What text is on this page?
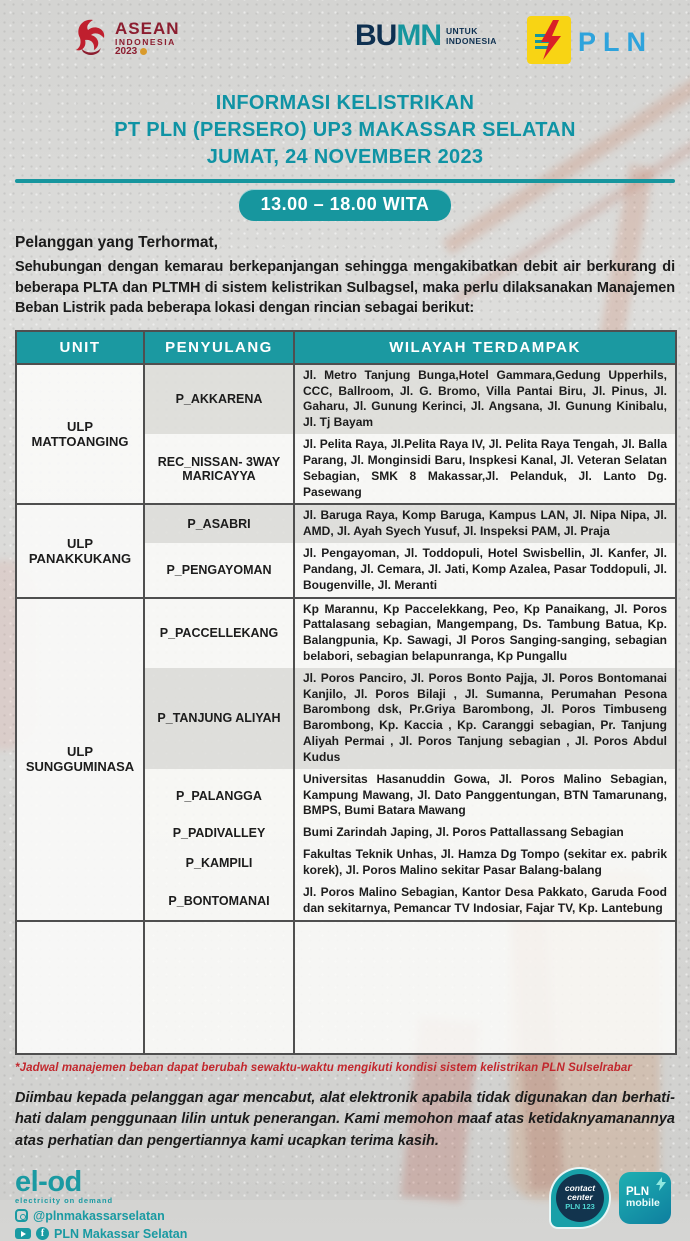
ASEAN
INDONESIA
2023	BUMN UNTUK
INDONESIA	PLN
INFORMASI KELISTRIKAN
PT PLN (PERSERO) UP3 MAKASSAR SELATAN
JUMAT, 24 NOVEMBER 2023
13.00 – 18.00 WITA
Pelanggan yang Terhormat,
Sehubungan dengan kemarau berkepanjangan sehingga mengakibatkan debit air berkurang di beberapa PLTA dan PLTMH di sistem kelistrikan Sulbagsel, maka perlu dilaksanakan Manajemen Beban Listrik pada beberapa lokasi dengan rincian sebagai berikut:
UNIT	PENYULANG	WILAYAH TERDAMPAK
ULP MATTOANGING	P_AKKARENA	Jl. Metro Tanjung Bunga,Hotel Gammara,Gedung Upperhils, CCC, Ballroom, Jl. G. Bromo, Villa Pantai Biru, Jl. Pinus, Jl. Gaharu, Jl. Gunung Kerinci, Jl. Angsana, Jl. Gunung Kinibalu, Jl. Tj Bayam
	REC_NISSAN- 3WAY MARICAYYA	Jl. Pelita Raya, Jl.Pelita Raya IV, Jl. Pelita Raya Tengah, Jl. Balla Parang, Jl. Monginsidi Baru, Inspkesi Kanal, Jl. Veteran Selatan Sebagian, SMK 8 Makassar,Jl. Pelanduk, Jl. Lanto Dg. Pasewang
ULP PANAKKUKANG	P_ASABRI	Jl. Baruga Raya, Komp Baruga, Kampus LAN, Jl. Nipa Nipa, Jl. AMD, Jl. Ayah Syech Yusuf, Jl. Inspeksi PAM, Jl. Praja
	P_PENGAYOMAN	Jl. Pengayoman, Jl. Toddopuli, Hotel Swisbellin, Jl. Kanfer, Jl. Pandang, Jl. Cemara, Jl. Jati, Komp Azalea, Pasar Toddopuli, Jl. Bougenville, Jl. Meranti
ULP SUNGGUMINASA	P_PACCELLEKANG	Kp Marannu, Kp Paccelekkang, Peo, Kp Panaikang, Jl. Poros Pattalasang sebagian, Mangempang, Ds. Tambung Batua, Kp. Balangpunia, Kp. Sawagi, Jl Poros Sanging-sanging, sebagian belabori, sebagian belapunranga, Kp Pungallu
	P_TANJUNG ALIYAH	Jl. Poros Panciro, Jl. Poros Bonto Pajja, Jl. Poros Bontomanai Kanjilo, Jl. Poros Bilaji , Jl. Sumanna, Perumahan Pesona Barombong dsk, Pr.Griya Barombong, Jl. Poros Timbuseng Barombong, Kp. Kaccia , Kp. Caranggi sebagian, Pr. Tanjung Aliyah Permai , Jl. Poros Tanjung sebagian , Jl. Poros Abdul Kudus
	P_PALANGGA	Universitas Hasanuddin Gowa, Jl. Poros Malino Sebagian, Kampung Mawang, Jl. Dato Panggentungan, BTN Tamarunang, BMPS, Bumi Batara Mawang
	P_PADIVALLEY	Bumi Zarindah Japing, Jl. Poros Pattallassang Sebagian
	P_KAMPILI	Fakultas Teknik Unhas, Jl. Hamza Dg Tompo (sekitar ex. pabrik korek), Jl. Poros Malino sekitar Pasar Balang-balang
	P_BONTOMANAI	Jl. Poros Malino Sebagian, Kantor Desa Pakkato, Garuda Food dan sekitarnya, Pemancar TV Indosiar, Fajar TV, Kp. Lantebung

*Jadwal manajemen beban dapat berubah sewaktu-waktu mengikuti kondisi sistem kelistrikan PLN Sulselrabar
Diimbau kepada pelanggan agar mencabut, alat elektronik apabila tidak digunakan dan berhati-hati dalam penggunaan lilin untuk penerangan. Kami memohon maaf atas ketidaknyamanannya atas perhatian dan pengertiannya kami ucapkan terima kasih.
el-od
electricity on demand
@plnmakassarselatan
f PLN Makassar Selatan
contact
center
PLN 123
PLN
mobile
